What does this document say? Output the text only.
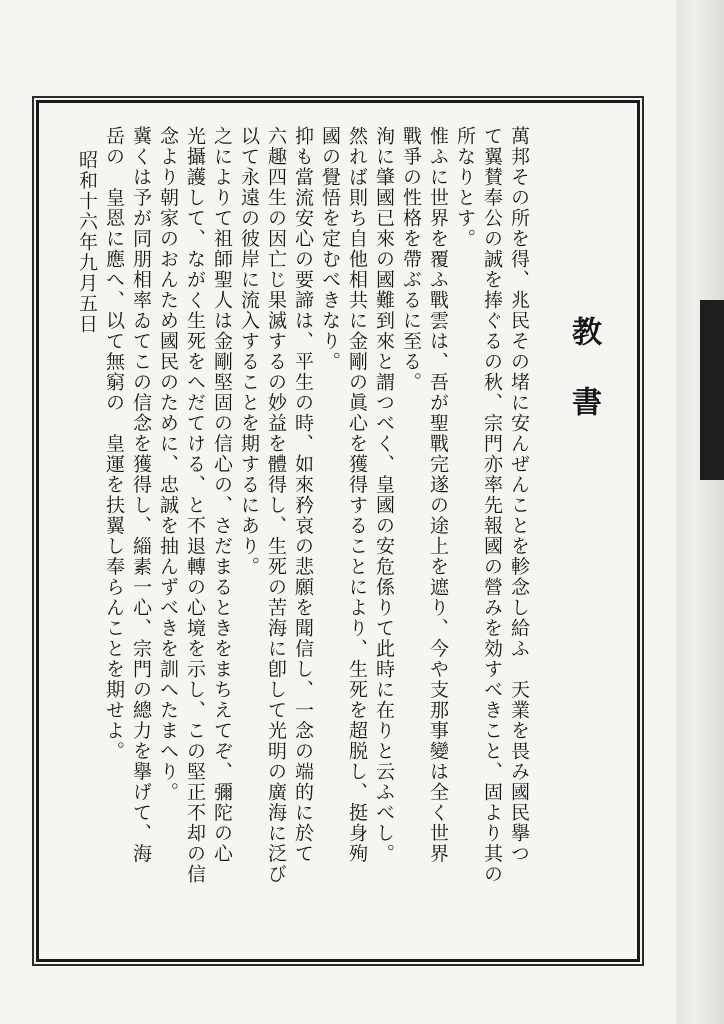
教書

萬邦その所を得、兆民その堵に安んぜんことを軫念し給ふ　天業を畏み國民擧つ

て翼賛奉公の誠を捧ぐるの秋、宗門亦率先報國の營みを効すべきこと、固より其の

所なりとす。

惟ふに世界を覆ふ戰雲は、吾が聖戰完遂の途上を遮り、今や支那事變は全く世界

戰爭の性格を帶ぶるに至る。

洵に肇國已來の國難到來と謂つべく、皇國の安危係りて此時に在りと云ふべし。

然れば則ち自他相共に金剛の眞心を獲得することにより、生死を超脱し、挺身殉

國の覺悟を定むべきなり。

抑も當流安心の要諦は、平生の時、如來矜哀の悲願を聞信し、一念の端的に於て

六趣四生の因亡じ果滅するの妙益を體得し、生死の苦海に卽して光明の廣海に泛び

以て永遠の彼岸に流入することを期するにあり。

之によりて祖師聖人は金剛堅固の信心の、さだまるときをまちえてぞ、彌陀の心

光攝護して、ながく生死をへだてける、と不退轉の心境を示し、この堅正不却の信

念より朝家のおんため國民のために、忠誠を抽んずべきを訓へたまへり。

冀くは予が同朋相率ゐてこの信念を獲得し、緇素一心、宗門の總力を擧げて、海

岳の　皇恩に應へ、以て無窮の　皇運を扶翼し奉らんことを期せよ。

昭和十六年九月五日
